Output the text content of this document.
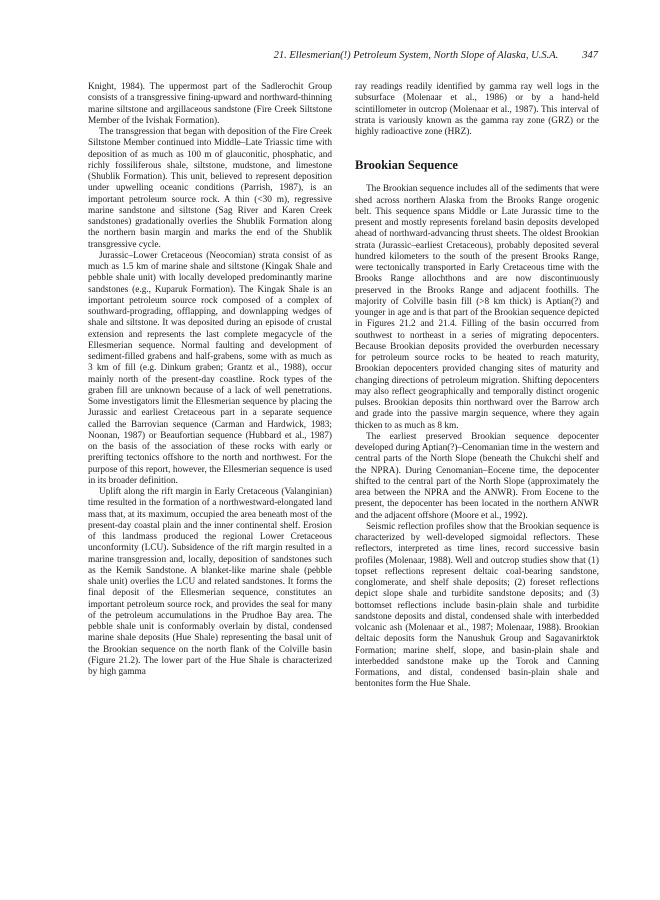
21. Ellesmerian(!) Petroleum System, North Slope of Alaska, U.S.A. 347

Knight, 1984). The uppermost part of the Sadlerochit Group consists of a transgressive fining-upward and northward-thinning marine siltstone and argillaceous sandstone (Fire Creek Siltstone Member of the Ivishak Formation).

The transgression that began with deposition of the Fire Creek Siltstone Member continued into Middle–Late Triassic time with deposition of as much as 100 m of glauconitic, phosphatic, and richly fossiliferous shale, siltstone, mudstone, and limestone (Shublik Formation). This unit, believed to represent deposition under upwelling oceanic conditions (Parrish, 1987), is an important petroleum source rock. A thin (<30 m), regressive marine sandstone and siltstone (Sag River and Karen Creek sandstones) gradationally overlies the Shublik Formation along the northern basin margin and marks the end of the Shublik transgressive cycle.

Jurassic–Lower Cretaceous (Neocomian) strata consist of as much as 1.5 km of marine shale and siltstone (Kingak Shale and pebble shale unit) with locally developed predominantly marine sandstones (e.g., Kuparuk Formation). The Kingak Shale is an important petroleum source rock composed of a complex of southward-prograding, offlapping, and downlapping wedges of shale and siltstone. It was deposited during an episode of crustal extension and represents the last complete megacycle of the Ellesmerian sequence. Normal faulting and development of sediment-filled grabens and half-grabens, some with as much as 3 km of fill (e.g. Dinkum graben; Grantz et al., 1988), occur mainly north of the present-day coastline. Rock types of the graben fill are unknown because of a lack of well penetrations. Some investigators limit the Ellesmerian sequence by placing the Jurassic and earliest Cretaceous part in a separate sequence called the Barrovian sequence (Carman and Hardwick, 1983; Noonan, 1987) or Beaufortian sequence (Hubbard et al., 1987) on the basis of the association of these rocks with early or prerifting tectonics offshore to the north and northwest. For the purpose of this report, however, the Ellesmerian sequence is used in its broader definition.

Uplift along the rift margin in Early Cretaceous (Valanginian) time resulted in the formation of a northwestward-elongated land mass that, at its maximum, occupied the area beneath most of the present-day coastal plain and the inner continental shelf. Erosion of this landmass produced the regional Lower Cretaceous unconformity (LCU). Subsidence of the rift margin resulted in a marine transgression and, locally, deposition of sandstones such as the Kemik Sandstone. A blanket-like marine shale (pebble shale unit) overlies the LCU and related sandstones. It forms the final deposit of the Ellesmerian sequence, constitutes an important petroleum source rock, and provides the seal for many of the petroleum accumulations in the Prudhoe Bay area. The pebble shale unit is conformably overlain by distal, condensed marine shale deposits (Hue Shale) representing the basal unit of the Brookian sequence on the north flank of the Colville basin (Figure 21.2). The lower part of the Hue Shale is characterized by high gamma

ray readings readily identified by gamma ray well logs in the subsurface (Molenaar et al., 1986) or by a hand-held scintillometer in outcrop (Molenaar et al., 1987). This interval of strata is variously known as the gamma ray zone (GRZ) or the highly radioactive zone (HRZ).

Brookian Sequence

The Brookian sequence includes all of the sediments that were shed across northern Alaska from the Brooks Range orogenic belt. This sequence spans Middle or Late Jurassic time to the present and mostly represents foreland basin deposits developed ahead of northward-advancing thrust sheets. The oldest Brookian strata (Jurassic–earliest Cretaceous), probably deposited several hundred kilometers to the south of the present Brooks Range, were tectonically transported in Early Cretaceous time with the Brooks Range allochthons and are now discontinuously preserved in the Brooks Range and adjacent foothills. The majority of Colville basin fill (>8 km thick) is Aptian(?) and younger in age and is that part of the Brookian sequence depicted in Figures 21.2 and 21.4. Filling of the basin occurred from southwest to northeast in a series of migrating depocenters. Because Brookian deposits provided the overburden necessary for petroleum source rocks to be heated to reach maturity, Brookian depocenters provided changing sites of maturity and changing directions of petroleum migration. Shifting depocenters may also reflect geographically and temporally distinct orogenic pulses. Brookian deposits thin northward over the Barrow arch and grade into the passive margin sequence, where they again thicken to as much as 8 km.

The earliest preserved Brookian sequence depocenter developed during Aptian(?)–Cenomanian time in the western and central parts of the North Slope (beneath the Chukchi shelf and the NPRA). During Cenomanian–Eocene time, the depocenter shifted to the central part of the North Slope (approximately the area between the NPRA and the ANWR). From Eocene to the present, the depocenter has been located in the northern ANWR and the adjacent offshore (Moore et al., 1992).

Seismic reflection profiles show that the Brookian sequence is characterized by well-developed sigmoidal reflectors. These reflectors, interpreted as time lines, record successive basin profiles (Molenaar, 1988). Well and outcrop studies show that (1) topset reflections represent deltaic coal-bearing sandstone, conglomerate, and shelf shale deposits; (2) foreset reflections depict slope shale and turbidite sandstone deposits; and (3) bottomset reflections include basin-plain shale and turbidite sandstone deposits and distal, condensed shale with interbedded volcanic ash (Molenaar et al., 1987; Molenaar, 1988). Brookian deltaic deposits form the Nanushuk Group and Sagavanirktok Formation; marine shelf, slope, and basin-plain shale and interbedded sandstone make up the Torok and Canning Formations, and distal, condensed basin-plain shale and bentonites form the Hue Shale.
